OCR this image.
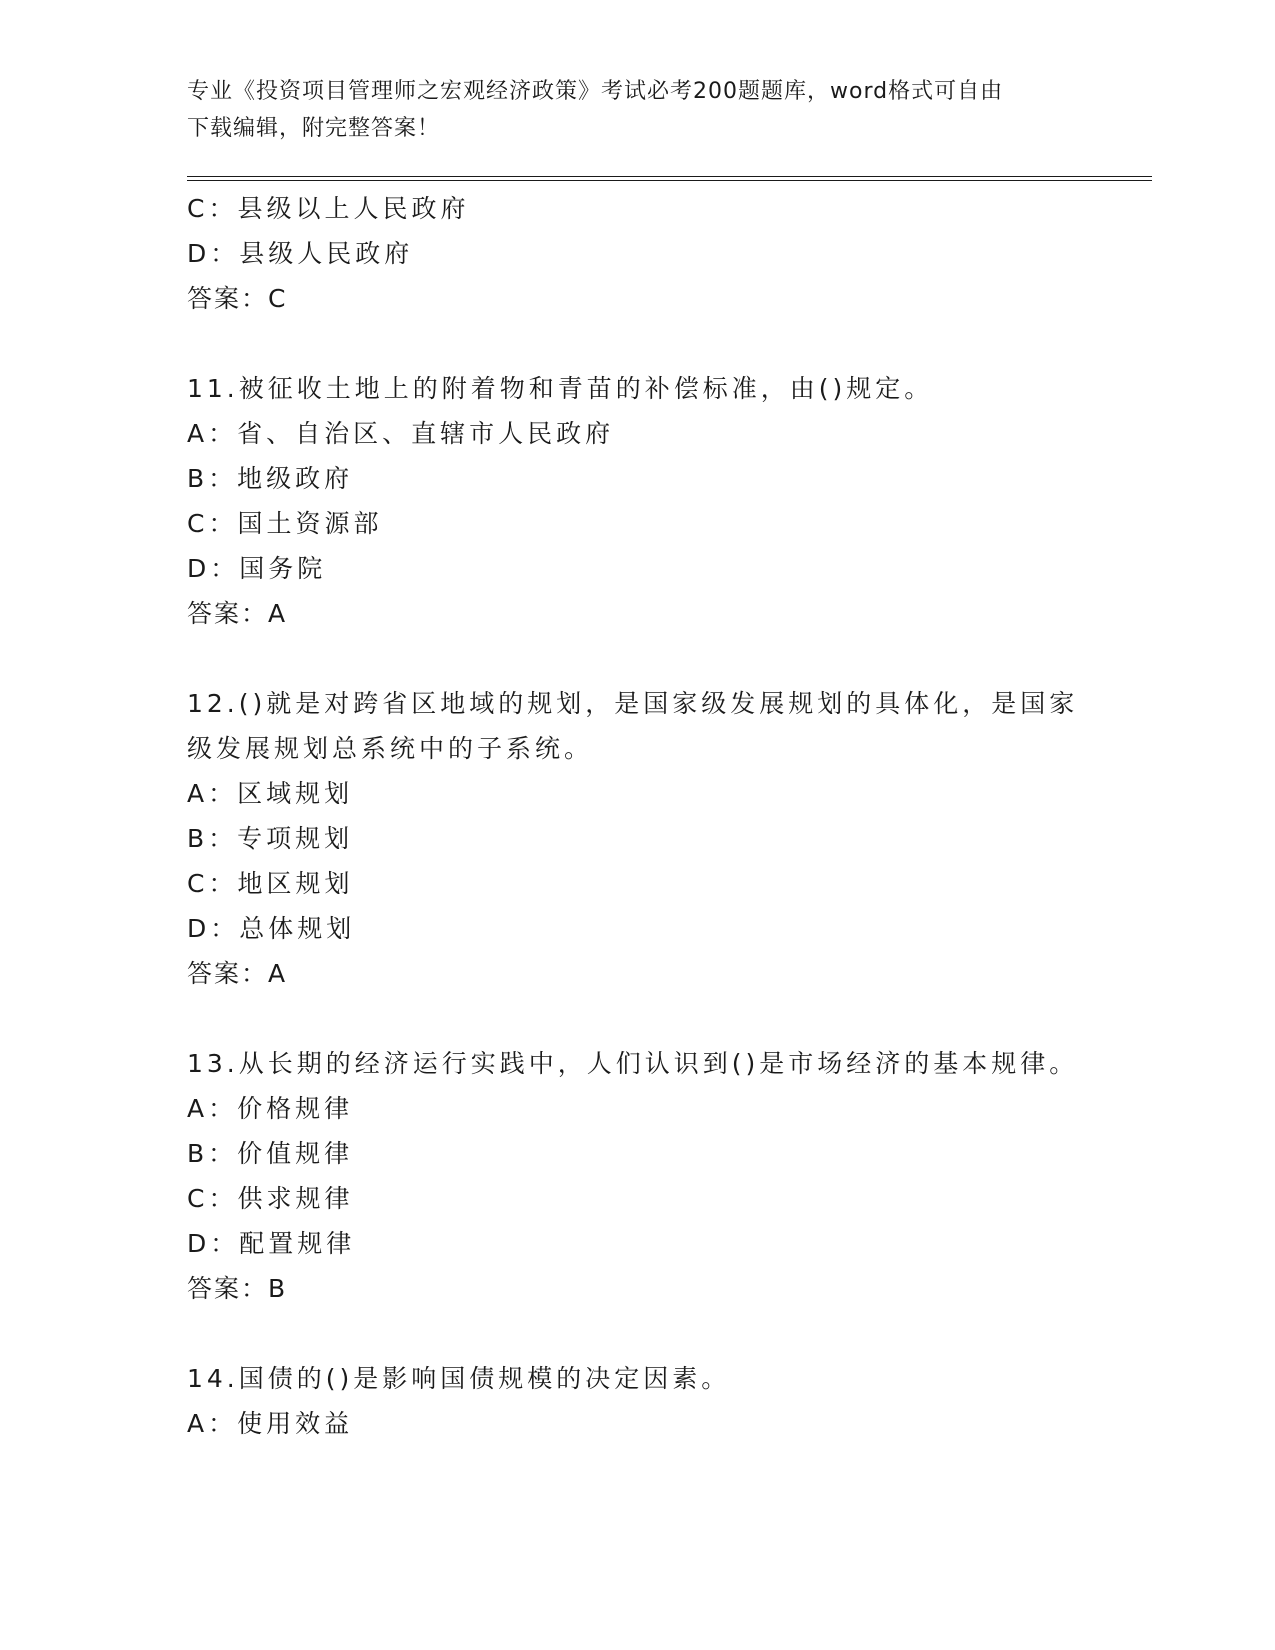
专业《投资项目管理师之宏观经济政策》考试必考200题题库，word格式可自由
下载编辑，附完整答案！
C：县级以上人民政府
D：县级人民政府
答案：C
11.被征收土地上的附着物和青苗的补偿标准，由()规定。
A：省、自治区、直辖市人民政府
B：地级政府
C：国土资源部
D：国务院
答案：A
12.()就是对跨省区地域的规划，是国家级发展规划的具体化，是国家
级发展规划总系统中的子系统。
A：区域规划
B：专项规划
C：地区规划
D：总体规划
答案：A
13.从长期的经济运行实践中，人们认识到()是市场经济的基本规律。
A：价格规律
B：价值规律
C：供求规律
D：配置规律
答案：B
14.国债的()是影响国债规模的决定因素。
A：使用效益
